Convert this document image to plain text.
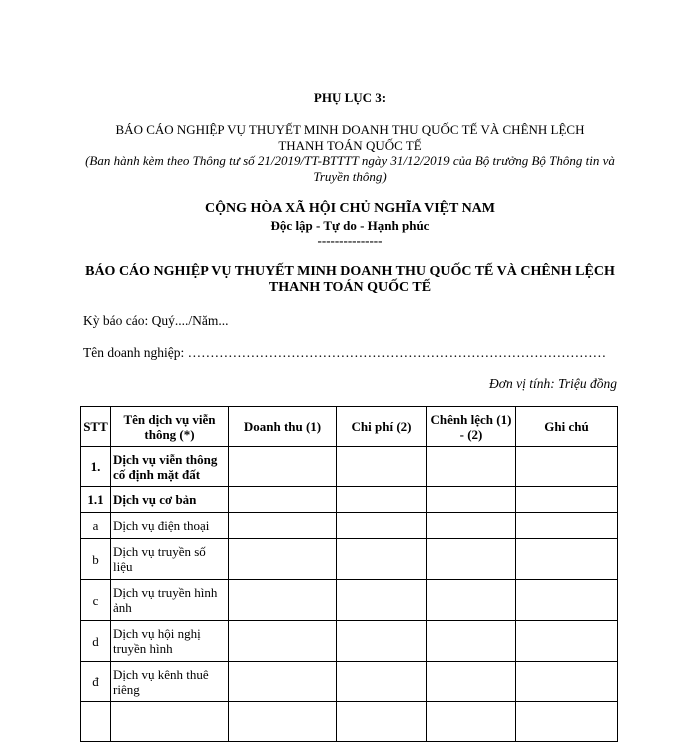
PHỤ LỤC 3:
BÁO CÁO NGHIỆP VỤ THUYẾT MINH DOANH THU QUỐC TẾ VÀ CHÊNH LỆCH THANH TOÁN QUỐC TẾ
(Ban hành kèm theo Thông tư số 21/2019/TT-BTTTT ngày 31/12/2019 của Bộ trưởng Bộ Thông tin và Truyền thông)
CỘNG HÒA XÃ HỘI CHỦ NGHĨA VIỆT NAM
Độc lập - Tự do - Hạnh phúc
---------------
BÁO CÁO NGHIỆP VỤ THUYẾT MINH DOANH THU QUỐC TẾ VÀ CHÊNH LỆCH THANH TOÁN QUỐC TẾ
Kỳ báo cáo: Quý..../Năm...
Tên doanh nghiệp: …………………………………………………………………………………
Đơn vị tính: Triệu đồng
STT	Tên dịch vụ viễn thông (*)	Doanh thu (1)	Chi phí (2)	Chênh lệch (1) - (2)	Ghi chú
1.	Dịch vụ viễn thông cố định mặt đất				
1.1	Dịch vụ cơ bản				
a	Dịch vụ điện thoại				
b	Dịch vụ truyền số liệu				
c	Dịch vụ truyền hình ảnh				
d	Dịch vụ hội nghị truyền hình				
đ	Dịch vụ kênh thuê riêng				
